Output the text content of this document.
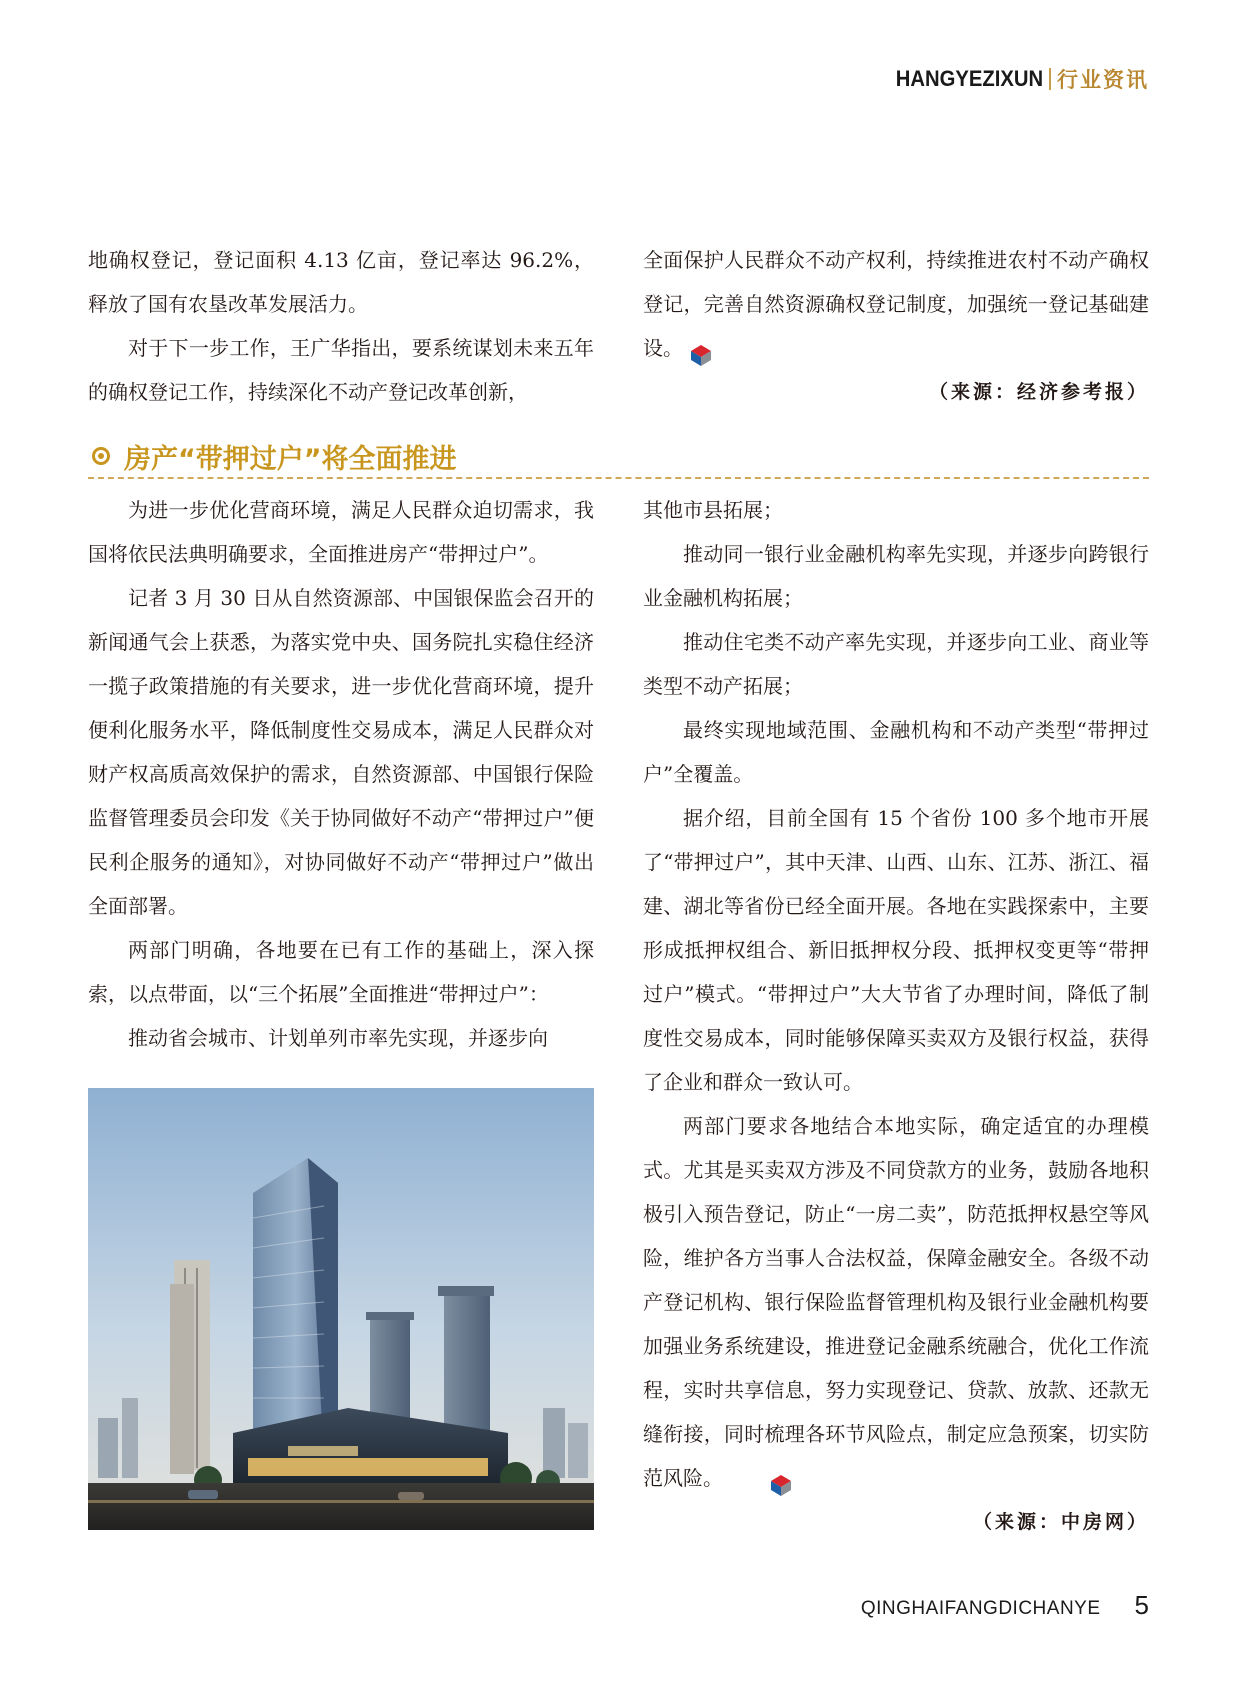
HANGYEZIXUN 行业资讯

地确权登记，登记面积 4.13 亿亩，登记率达 96.2%，释放了国有农垦改革发展活力。

对于下一步工作，王广华指出，要系统谋划未来五年的确权登记工作，持续深化不动产登记改革创新，

全面保护人民群众不动产权利，持续推进农村不动产确权登记，完善自然资源确权登记制度，加强统一登记基础建设。

（来源：经济参考报）

房产“带押过户”将全面推进

为进一步优化营商环境，满足人民群众迫切需求，我国将依民法典明确要求，全面推进房产“带押过户”。

记者 3 月 30 日从自然资源部、中国银保监会召开的新闻通气会上获悉，为落实党中央、国务院扎实稳住经济一揽子政策措施的有关要求，进一步优化营商环境，提升便利化服务水平，降低制度性交易成本，满足人民群众对财产权高质高效保护的需求，自然资源部、中国银行保险监督管理委员会印发《关于协同做好不动产“带押过户”便民利企服务的通知》，对协同做好不动产“带押过户”做出全面部署。

两部门明确，各地要在已有工作的基础上，深入探索，以点带面，以“三个拓展”全面推进“带押过户”：

推动省会城市、计划单列市率先实现，并逐步向

其他市县拓展；

推动同一银行业金融机构率先实现，并逐步向跨银行业金融机构拓展；

推动住宅类不动产率先实现，并逐步向工业、商业等类型不动产拓展；

最终实现地域范围、金融机构和不动产类型“带押过户”全覆盖。

据介绍，目前全国有 15 个省份 100 多个地市开展了“带押过户”，其中天津、山西、山东、江苏、浙江、福建、湖北等省份已经全面开展。各地在实践探索中，主要形成抵押权组合、新旧抵押权分段、抵押权变更等“带押过户”模式。“带押过户”大大节省了办理时间，降低了制度性交易成本，同时能够保障买卖双方及银行权益，获得了企业和群众一致认可。

两部门要求各地结合本地实际，确定适宜的办理模式。尤其是买卖双方涉及不同贷款方的业务，鼓励各地积极引入预告登记，防止“一房二卖”，防范抵押权悬空等风险，维护各方当事人合法权益，保障金融安全。各级不动产登记机构、银行保险监督管理机构及银行业金融机构要加强业务系统建设，推进登记金融系统融合，优化工作流程，实时共享信息，努力实现登记、贷款、放款、还款无缝衔接，同时梳理各环节风险点，制定应急预案，切实防范风险。

（来源：中房网）

QINGHAIFANGDICHANYE 5
